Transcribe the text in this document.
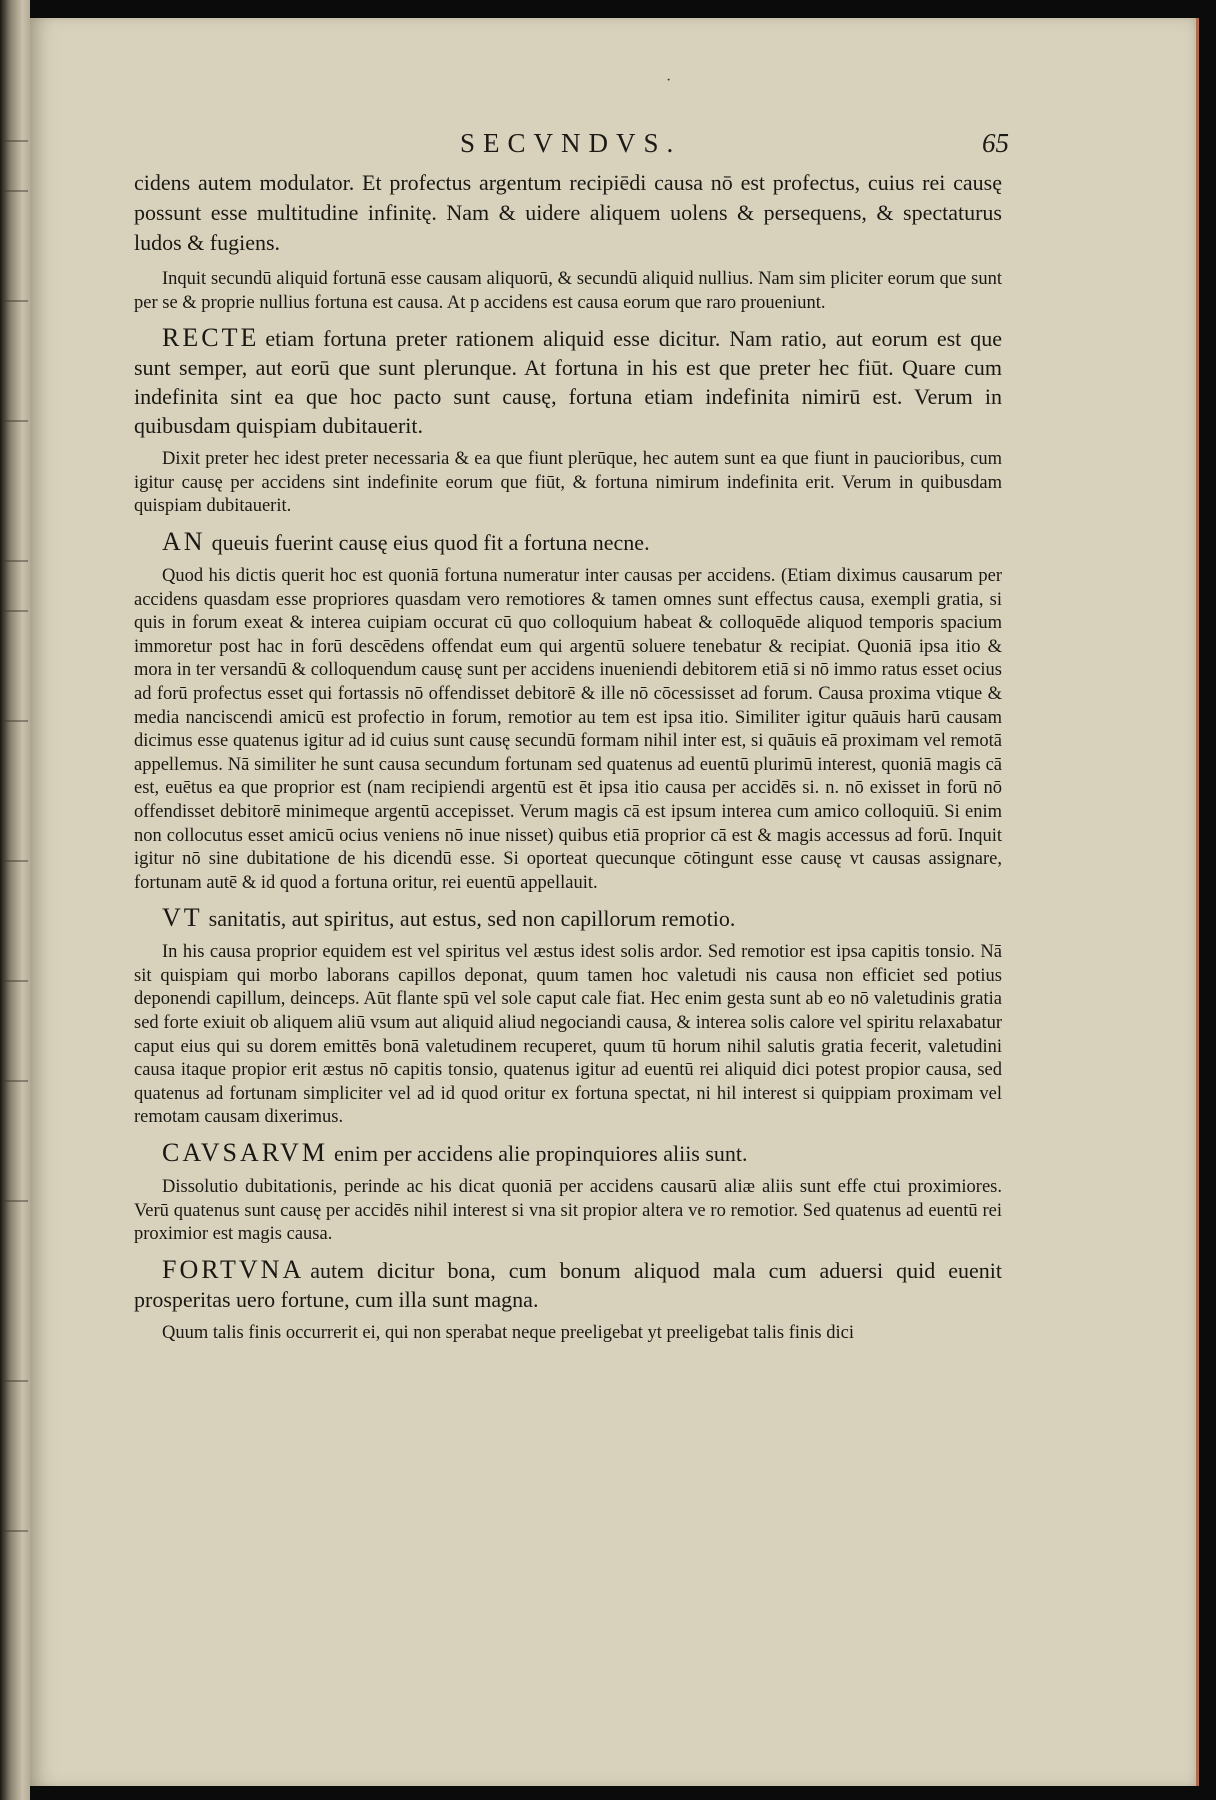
SECVNDVS.	65
·

cidens autem modulator. Et profectus argentum recipiēdi causa nō est profectus, cuius rei causę possunt esse multitudine infinitę. Nam & uidere aliquem uolens & persequens, & spectaturus ludos & fugiens.

Inquit secundū aliquid fortunā esse causam aliquorū, & secundū aliquid nullius. Nam sim pliciter eorum que sunt per se & proprie nullius fortuna est causa. At p accidens est causa eorum que raro proueniunt.

RECTE etiam fortuna preter rationem aliquid esse dicitur. Nam ratio, aut eorum est que sunt semper, aut eorū que sunt plerunque. At fortuna in his est que preter hec fiūt. Quare cum indefinita sint ea que hoc pacto sunt causę, fortuna etiam indefinita nimirū est. Verum in quibusdam quispiam dubitauerit.

Dixit preter hec idest preter necessaria & ea que fiunt plerūque, hec autem sunt ea que fiunt in paucioribus, cum igitur causę per accidens sint indefinite eorum que fiūt, & fortuna nimirum indefinita erit. Verum in quibusdam quispiam dubitauerit.

AN queuis fuerint causę eius quod fit a fortuna necne.

Quod his dictis querit hoc est quoniā fortuna numeratur inter causas per accidens. (Etiam diximus causarum per accidens quasdam esse propriores quasdam vero remotiores & tamen omnes sunt effectus causa, exempli gratia, si quis in forum exeat & interea cuipiam occurat cū quo colloquium habeat & colloquēde aliquod temporis spacium immoretur post hac in forū descēdens offendat eum qui argentū soluere tenebatur & recipiat. Quoniā ipsa itio & mora in ter versandū & colloquendum causę sunt per accidens inueniendi debitorem etiā si nō immo ratus esset ocius ad forū profectus esset qui fortassis nō offendisset debitorē & ille nō cōcessisset ad forum. Causa proxima vtique & media nanciscendi amicū est profectio in forum, remotior au tem est ipsa itio. Similiter igitur quāuis harū causam dicimus esse quatenus igitur ad id cuius sunt causę secundū formam nihil inter est, si quāuis eā proximam vel remotā appellemus. Nā similiter he sunt causa secundum fortunam sed quatenus ad euentū plurimū interest, quoniā magis cā est, euētus ea que proprior est (nam recipiendi argentū est ēt ipsa itio causa per accidēs si. n. nō exisset in forū nō offendisset debitorē minimeque argentū accepisset. Verum magis cā est ipsum interea cum amico colloquiū. Si enim non collocutus esset amicū ocius veniens nō inue nisset) quibus etiā proprior cā est & magis accessus ad forū. Inquit igitur nō sine dubitatione de his dicendū esse. Si oporteat quecunque cōtingunt esse causę vt causas assignare, fortunam autē & id quod a fortuna oritur, rei euentū appellauit.

VT sanitatis, aut spiritus, aut estus, sed non capillorum remotio.

In his causa proprior equidem est vel spiritus vel æstus idest solis ardor. Sed remotior est ipsa capitis tonsio. Nā sit quispiam qui morbo laborans capillos deponat, quum tamen hoc valetudi nis causa non efficiet sed potius deponendi capillum, deinceps. Aūt flante spū vel sole caput cale fiat. Hec enim gesta sunt ab eo nō valetudinis gratia sed forte exiuit ob aliquem aliū vsum aut aliquid aliud negociandi causa, & interea solis calore vel spiritu relaxabatur caput eius qui su dorem emittēs bonā valetudinem recuperet, quum tū horum nihil salutis gratia fecerit, valetudini causa itaque propior erit æstus nō capitis tonsio, quatenus igitur ad euentū rei aliquid dici potest propior causa, sed quatenus ad fortunam simpliciter vel ad id quod oritur ex fortuna spectat, ni hil interest si quippiam proximam vel remotam causam dixerimus.

CAVSARVM enim per accidens alie propinquiores aliis sunt.

Dissolutio dubitationis, perinde ac his dicat quoniā per accidens causarū aliæ aliis sunt effe ctui proximiores. Verū quatenus sunt causę per accidēs nihil interest si vna sit propior altera ve ro remotior. Sed quatenus ad euentū rei proximior est magis causa.

FORTVNA autem dicitur bona, cum bonum aliquod mala cum aduersi quid euenit prosperitas uero fortune, cum illa sunt magna.

Quum talis finis occurrerit ei, qui non sperabat neque preeligebat yt preeligebat talis finis dici
